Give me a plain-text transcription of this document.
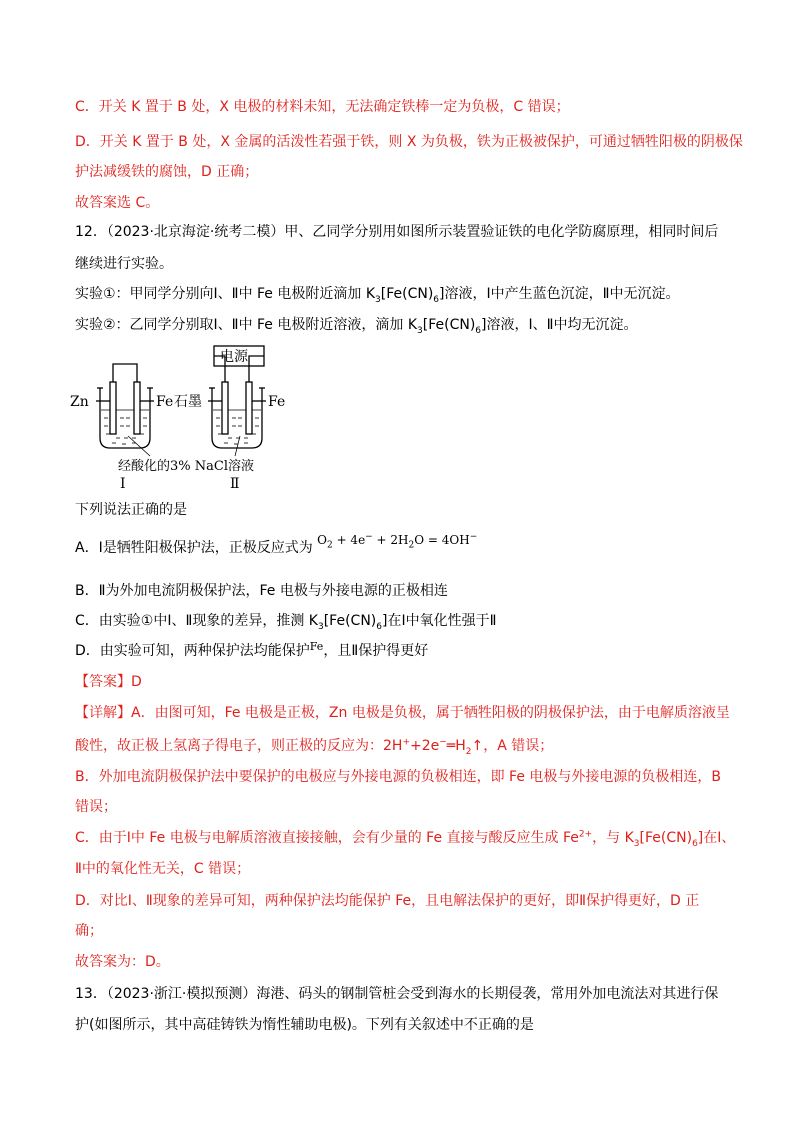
C．开关 K 置于 B 处，X 电极的材料未知，无法确定铁棒一定为负极，C 错误；
D．开关 K 置于 B 处，X 金属的活泼性若强于铁，则 X 为负极，铁为正极被保护，可通过牺牲阳极的阴极保
护法减缓铁的腐蚀，D 正确；
故答案选 C。
12．（2023·北京海淀·统考二模）甲、乙同学分别用如图所示装置验证铁的电化学防腐原理，相同时间后
继续进行实验。
实验①：甲同学分别向Ⅰ、Ⅱ中 Fe 电极附近滴加 $K_3[Fe(CN)_6]$溶液，Ⅰ中产生蓝色沉淀，Ⅱ中无沉淀。
实验②：乙同学分别取Ⅰ、Ⅱ中 Fe 电极附近溶液，滴加 $K_3[Fe(CN)_6]$溶液，Ⅰ、Ⅱ中均无沉淀。
Zn	Fe
电源
石墨	Fe
经酸化的3% NaCl溶液
Ⅰ	Ⅱ
下列说法正确的是
A．Ⅰ是牺牲阳极保护法，正极反应式为 $O_2 + 4e^- + 2H_2O = 4OH^-$
B．Ⅱ为外加电流阴极保护法，Fe 电极与外接电源的正极相连
C．由实验①中Ⅰ、Ⅱ现象的差异，推测 $K_3[Fe(CN)_6]$在Ⅰ中氧化性强于Ⅱ
D．由实验可知，两种保护法均能保护$^{Fe}$，且Ⅱ保护得更好
【答案】D
【详解】A．由图可知，Fe 电极是正极，Zn 电极是负极，属于牺牲阳极的阴极保护法，由于电解质溶液呈
酸性，故正极上氢离子得电子，则正极的反应为：$2H^++2e^-═H_2↑$，A 错误；
B．外加电流阴极保护法中要保护的电极应与外接电源的负极相连，即 Fe 电极与外接电源的负极相连，B
错误；
C．由于Ⅰ中 Fe 电极与电解质溶液直接接触，会有少量的 Fe 直接与酸反应生成 $Fe^{2+}$，与 $K_3[Fe(CN)_6]$在Ⅰ、
Ⅱ中的氧化性无关，C 错误；
D．对比Ⅰ、Ⅱ现象的差异可知，两种保护法均能保护 Fe，且电解法保护的更好，即Ⅱ保护得更好，D 正
确；
故答案为：D。
13．（2023·浙江·模拟预测）海港、码头的钢制管桩会受到海水的长期侵袭，常用外加电流法对其进行保
护(如图所示，其中高硅铸铁为惰性辅助电极)。下列有关叙述中不正确的是
